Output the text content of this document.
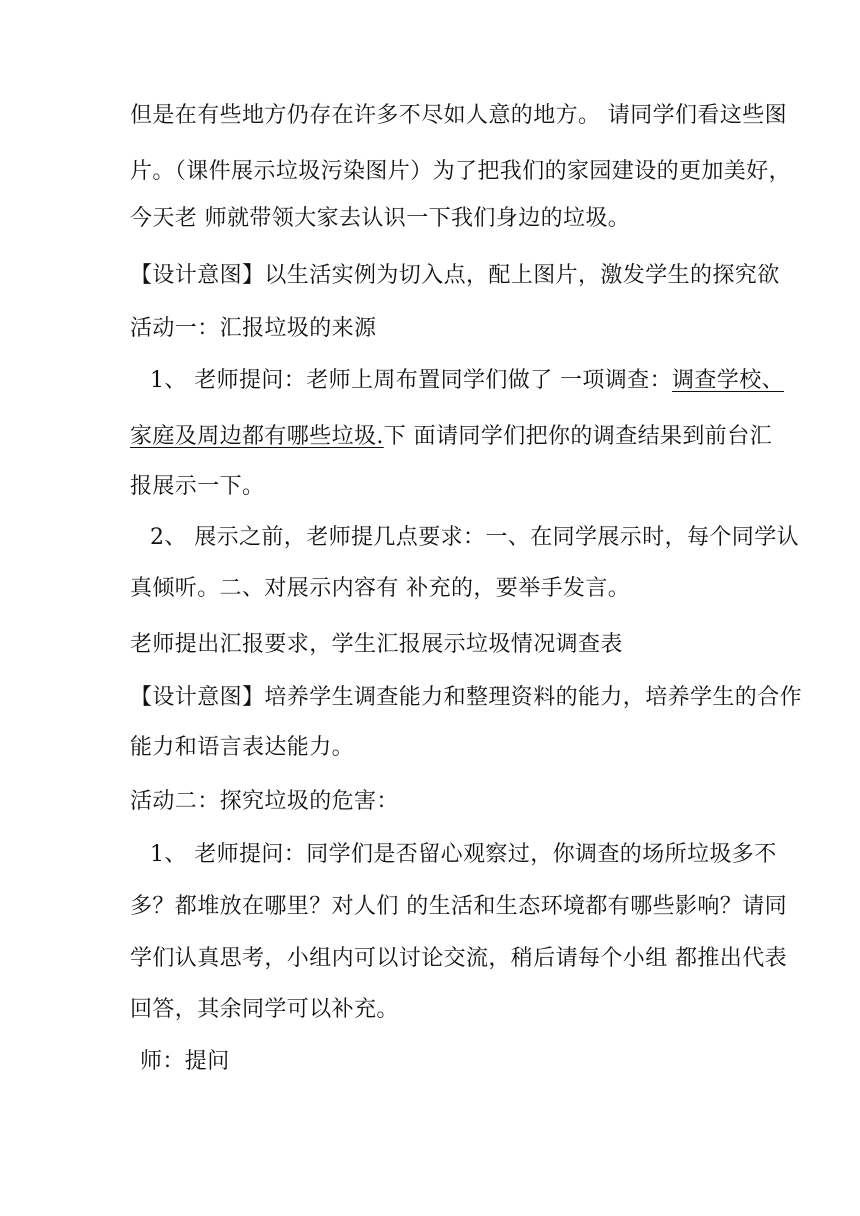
但是在有些地方仍存在许多不尽如人意的地方。 请同学们看这些图
片。（课件展示垃圾污染图片）为了把我们的家园建设的更加美好，
今天老 师就带领大家去认识一下我们身边的垃圾。
【设计意图】以生活实例为切入点，配上图片，激发学生的探究欲
活动一：汇报垃圾的来源
1、 老师提问：老师上周布置同学们做了 一项调查：调查学校、
家庭及周边都有哪些垃圾.下 面请同学们把你的调查结果到前台汇
报展示一下。
2、 展示之前，老师提几点要求：一、在同学展示时，每个同学认
真倾听。二、对展示内容有 补充的，要举手发言。
老师提出汇报要求，学生汇报展示垃圾情况调查表
【设计意图】培养学生调查能力和整理资料的能力，培养学生的合作
能力和语言表达能力。
活动二：探究垃圾的危害：
1、 老师提问：同学们是否留心观察过，你调查的场所垃圾多不
多？都堆放在哪里？对人们 的生活和生态环境都有哪些影响？请同
学们认真思考，小组内可以讨论交流，稍后请每个小组 都推出代表
回答，其余同学可以补充。
师：提问
